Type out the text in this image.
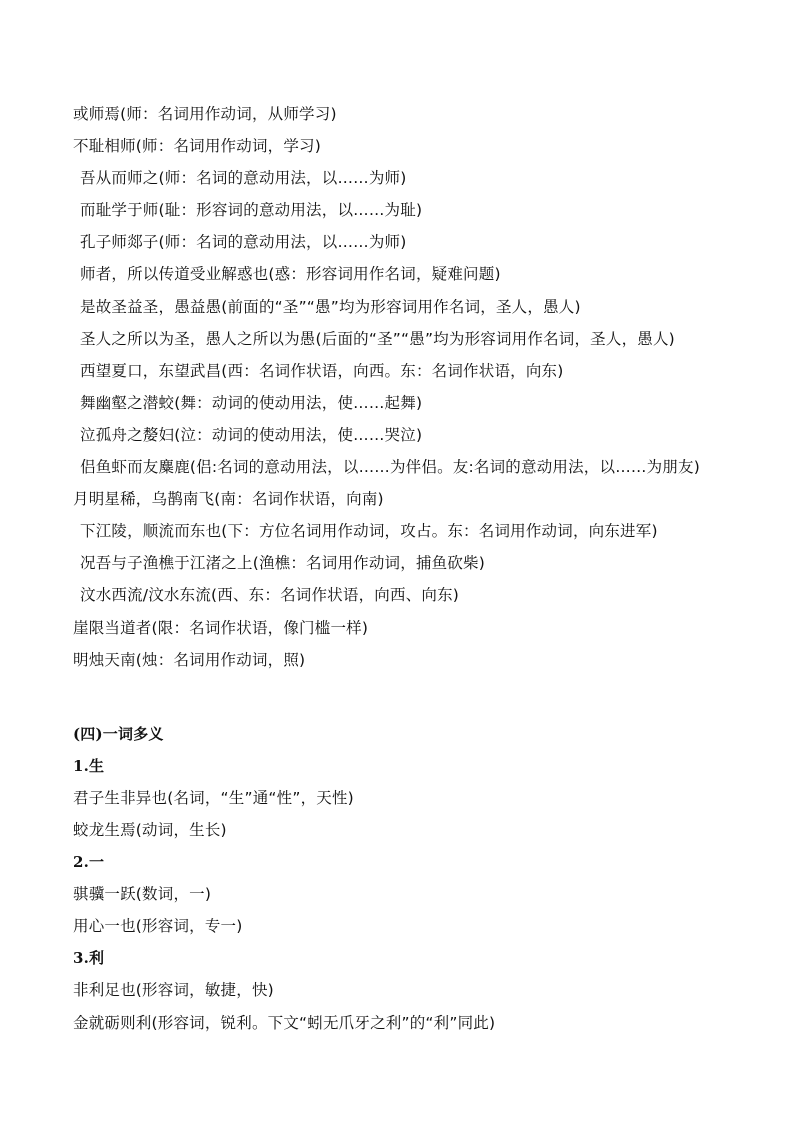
或师焉(师：名词用作动词，从师学习)
不耻相师(师：名词用作动词，学习)
吾从而师之(师：名词的意动用法，以……为师)
而耻学于师(耻：形容词的意动用法，以……为耻)
孔子师郯子(师：名词的意动用法，以……为师)
师者，所以传道受业解惑也(惑：形容词用作名词，疑难问题)
是故圣益圣，愚益愚(前面的“圣”“愚”均为形容词用作名词，圣人，愚人)
圣人之所以为圣，愚人之所以为愚(后面的“圣”“愚”均为形容词用作名词，圣人，愚人)
西望夏口，东望武昌(西：名词作状语，向西。东：名词作状语，向东)
舞幽壑之潜蛟(舞：动词的使动用法，使……起舞)
泣孤舟之嫠妇(泣：动词的使动用法，使……哭泣)
侣鱼虾而友麋鹿(侣:名词的意动用法，以……为伴侣。友:名词的意动用法，以……为朋友)
月明星稀，乌鹊南飞(南：名词作状语，向南)
下江陵，顺流而东也(下：方位名词用作动词，攻占。东：名词用作动词，向东进军)
况吾与子渔樵于江渚之上(渔樵：名词用作动词，捕鱼砍柴)
汶水西流/汶水东流(西、东：名词作状语，向西、向东)
崖限当道者(限：名词作状语，像门槛一样)
明烛天南(烛：名词用作动词，照)
(四)一词多义
1.生
君子生非异也(名词，“生”通“性”，天性)
蛟龙生焉(动词，生长)
2.一
骐骥一跃(数词，一)
用心一也(形容词，专一)
3.利
非利足也(形容词，敏捷，快)
金就砺则利(形容词，锐利。下文“蚓无爪牙之利”的“利”同此)
